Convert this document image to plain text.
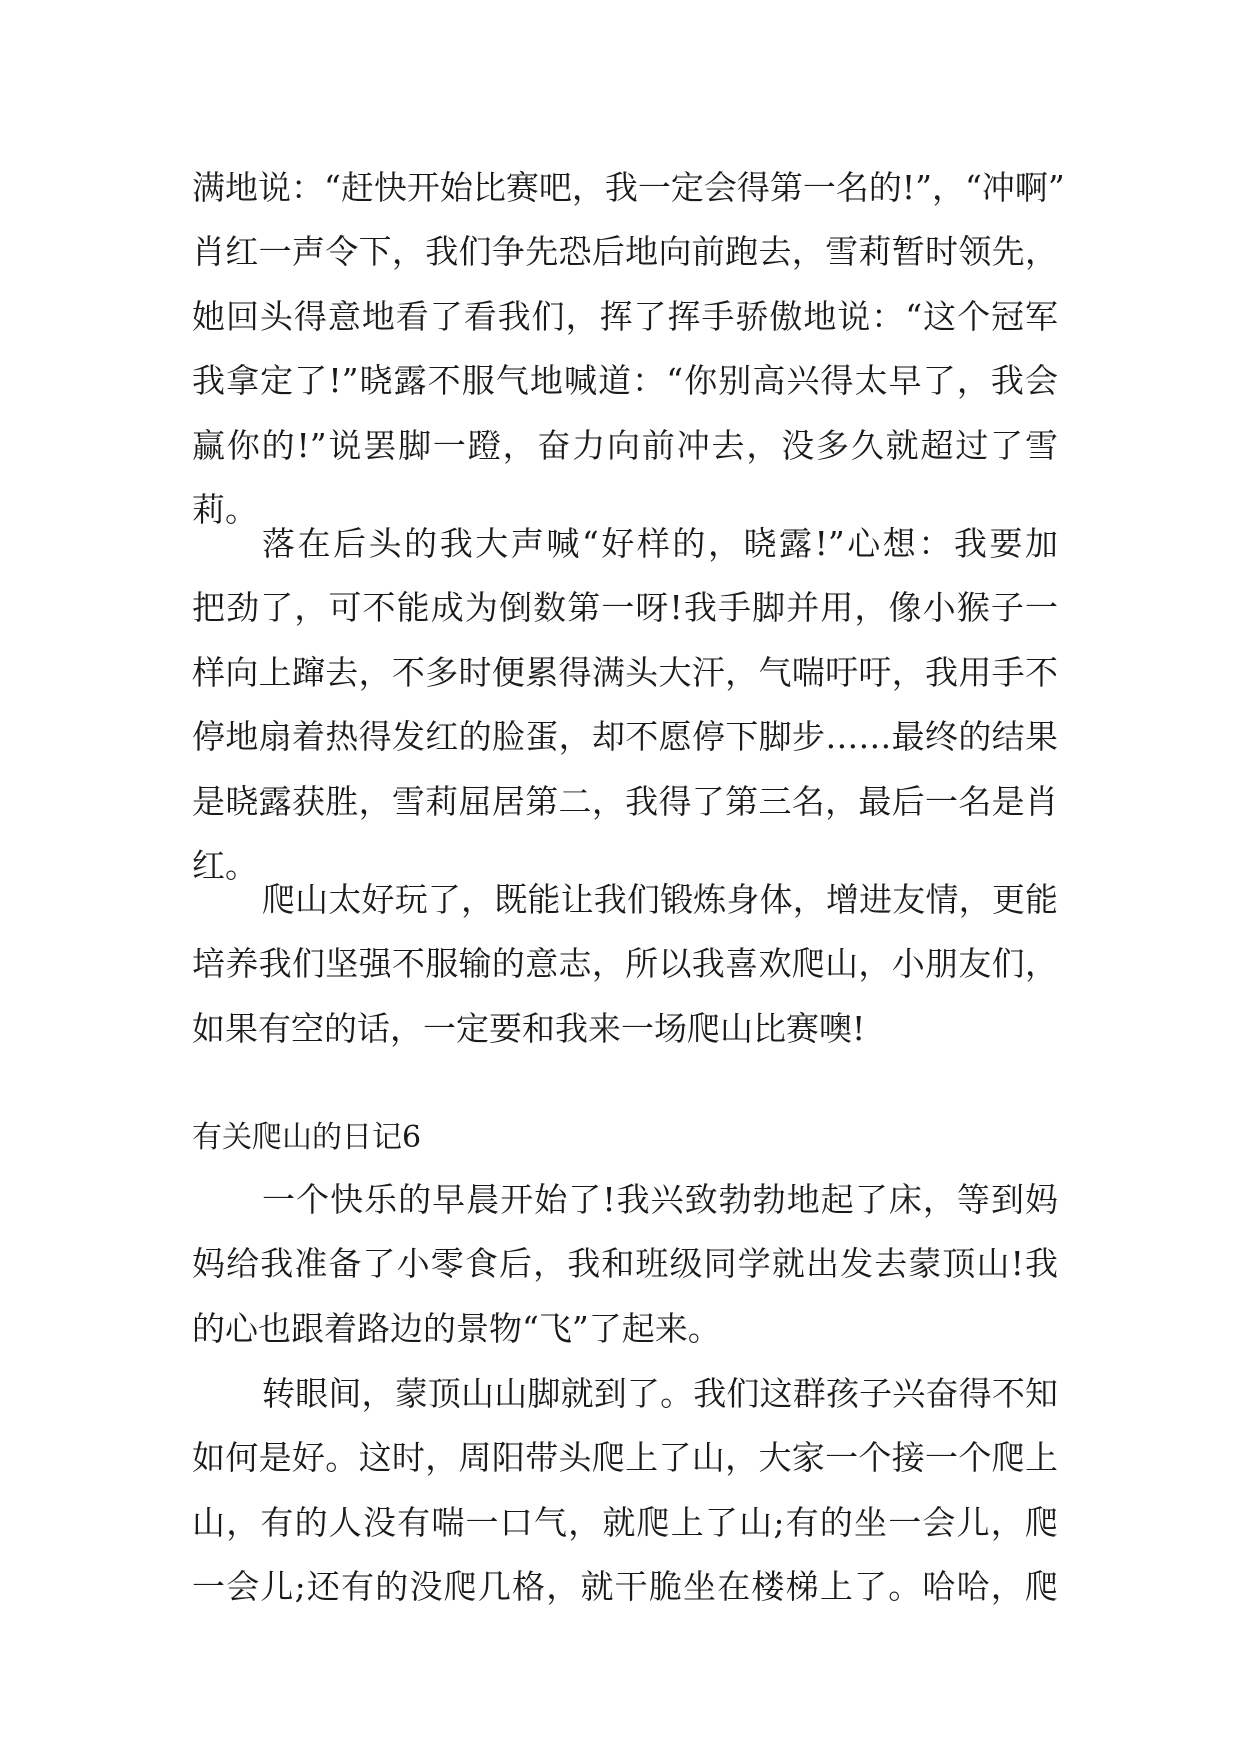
满地说：“赶快开始比赛吧，我一定会得第一名的!”，“冲啊”
肖红一声令下，我们争先恐后地向前跑去，雪莉暂时领先，
她回头得意地看了看我们，挥了挥手骄傲地说：“这个冠军
我拿定了!”晓露不服气地喊道：“你别高兴得太早了，我会
赢你的!”说罢脚一蹬，奋力向前冲去，没多久就超过了雪
莉。
落在后头的我大声喊“好样的，晓露!”心想：我要加
把劲了，可不能成为倒数第一呀!我手脚并用，像小猴子一
样向上蹿去，不多时便累得满头大汗，气喘吁吁，我用手不
停地扇着热得发红的脸蛋，却不愿停下脚步……最终的结果
是晓露获胜，雪莉屈居第二，我得了第三名，最后一名是肖
红。
爬山太好玩了，既能让我们锻炼身体，增进友情，更能
培养我们坚强不服输的意志，所以我喜欢爬山，小朋友们，
如果有空的话，一定要和我来一场爬山比赛噢!
有关爬山的日记6
一个快乐的早晨开始了!我兴致勃勃地起了床，等到妈
妈给我准备了小零食后，我和班级同学就出发去蒙顶山!我
的心也跟着路边的景物“飞”了起来。
转眼间，蒙顶山山脚就到了。我们这群孩子兴奋得不知
如何是好。这时，周阳带头爬上了山，大家一个接一个爬上
山，有的人没有喘一口气，就爬上了山;有的坐一会儿，爬
一会儿;还有的没爬几格，就干脆坐在楼梯上了。哈哈，爬
